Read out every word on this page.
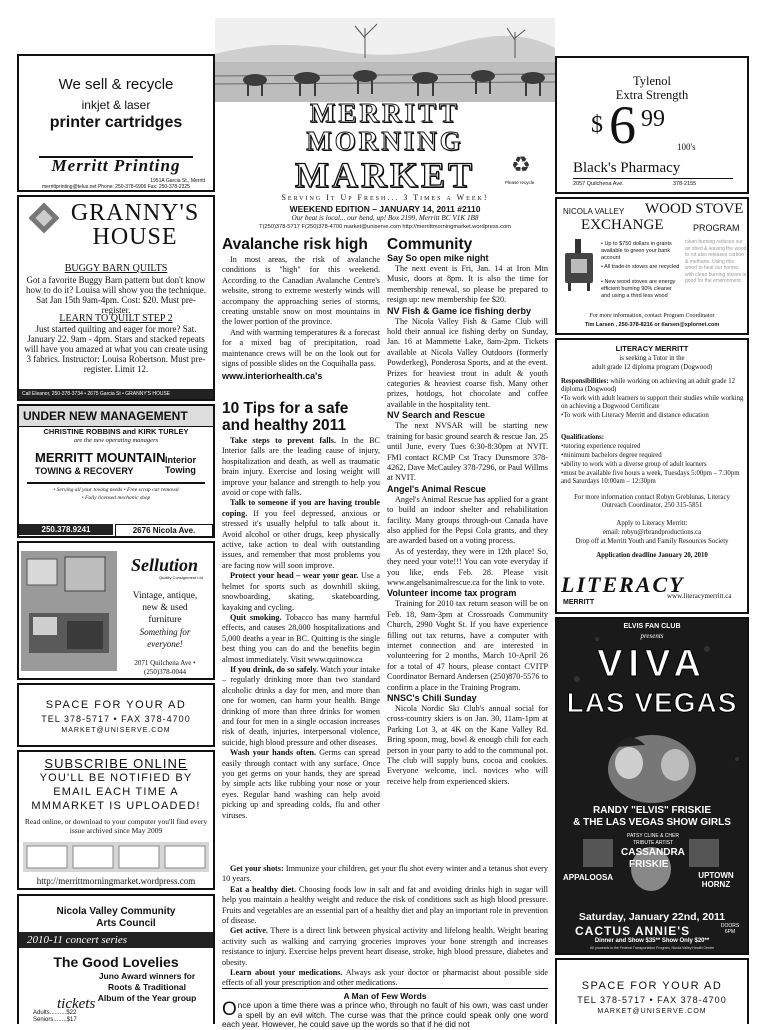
We sell & recycle
inkjet & laser
printer cartridges
Merritt Printing
1951A Garcia St., Merritt
merrittprinting@telus.net Phone: 250-378-6906 Fax: 250-378-2325
GRANNY'S HOUSE
BUGGY BARN QUILTS
Got a favorite Buggy Barn pattern but don't know how to do it? Louisa will show you the technique. Sat Jan 15th 9am-4pm. Cost: $20. Must pre-register.
LEARN TO QUILT STEP 2
Just started quilting and eager for more? Sat. January 22. 9am - 4pm. Stars and stacked repeats will have you amazed at what you can create using 3 fabrics. Instructor: Louisa Robertson. Must pre-register. Limit 12.
Call Eleanor, 250-378-3734 • 2675 Garcia St • GRANNY'S HOUSE
UNDER NEW MANAGEMENT
CHRISTINE ROBBINS and KIRK TURLEY
are the new operating managers
MERRITT MOUNTAIN Interior
TOWING & RECOVERY	Towing
• Serving all your towing needs • Free scrap car removal
• Fully licensed mechanic shop
250.378.9241	2676 Nicola Ave.
Sellution
Quality Consignment Ltd.
Vintage, antique,
new & used
furniture
Something for
everyone!
2071 Quilchena Ave •
(250)378-0044
SPACE FOR YOUR AD
TEL 378-5717 • FAX 378-4700
MARKET@UNISERVE.COM
SUBSCRIBE ONLINE
YOU'LL BE NOTIFIED BY
EMAIL EACH TIME A
MMMARKET IS UPLOADED!
Read online, or download to your computer you'll find every issue archived since May 2009
http://merrittmorningmarket.wordpress.com
Nicola Valley Community
Arts Council
2010-11 concert series
The Good Lovelies
Juno Award winners for
Roots & Traditional
Album of the Year group
tickets
Adults..........$22
Seniors........$17
MERRITT
MORNING
MARKET	♻
Please recycle
Serving It Up Fresh... 3 Times a Week!
WEEKEND EDITION – JANUARY 14, 2011 #2110
Our beat is local... our bend, up! Box 2199, Merritt BC V1K 1B8
T(250)378-5717 F(250)378-4700 market@uniserve.com http://merrittmorningmarket.wordpress.com
Avalanche risk high

In most areas, the risk of avalanche conditions is "high" for this weekend. According to the Canadian Avalanche Centre's website, strong to extreme westerly winds will accompany the approaching series of storms, creating unstable snow on most mountains in the lower portion of the province.

And with warming temperatures & a forecast for a mixed bag of precipitation, road maintenance crews will be on the look out for signs of possible slides on the Coquihalla pass.

www.interiorhealth.ca's
10 Tips for a safe and healthy 2011

Take steps to prevent falls. In the BC Interior falls are the leading cause of injury, hospitalization and death, as well as traumatic brain injury. Exercise and losing weight will improve your balance and strength to help you avoid or cope with falls.

Talk to someone if you are having trouble coping. If you feel depressed, anxious or stressed it's usually helpful to talk about it. Avoid alcohol or other drugs, keep physically active, take action to deal with outstanding issues, and remember that most problems you are facing now will soon improve.

Protect your head – wear your gear. Use a helmet for sports such as downhill skiing, snowboarding, skating, skateboarding, kayaking and cycling.

Quit smoking. Tobacco has many harmful effects, and causes 28,000 hospitalizations and 5,000 deaths a year in BC. Quitting is the single best thing you can do and the benefits begin almost immediately. Visit www.quitnow.ca

If you drink, do so safely. Watch your intake – regularly drinking more than two standard alcoholic drinks a day for men, and more than one for women, can harm your health. Binge drinking of more than three drinks for women and four for men in a single occasion increases risk of death, injuries, interpersonal violence, suicide, high blood pressure and other diseases.

Wash your hands often. Germs can spread easily through contact with any surface. Once you get germs on your hands, they are spread by simple acts like rubbing your nose or your eyes. Regular hand washing can help avoid picking up and spreading colds, flu and other viruses.

Get your shots: Immunize your children, get your flu shot every winter and a tetanus shot every 10 years.

Eat a healthy diet. Choosing foods low in salt and fat and avoiding drinks high in sugar will help you maintain a healthy weight and reduce the risk of conditions such as high blood pressure. Fruits and vegetables are an essential part of a healthy diet and play an important role in prevention of disease.

Get active. There is a direct link between physical activity and lifelong health. Weight bearing activity such as walking and carrying groceries improves your bone strength and increases resistance to injury. Exercise helps prevent heart disease, stroke, high blood pressure, diabetes and obesity.

Learn about your medications. Always ask your doctor or pharmacist about possible side effects of all your prescription and other medications.

Community
Say So open mike night

The next event is Fri, Jan. 14 at Iron Mtn Music, doors at 8pm. It is also the time for membership renewal, so please be prepared to resign up: new membership fee $20.

NV Fish & Game ice fishing derby

The Nicola Valley Fish & Game Club will hold their annual ice fishing derby on Sunday, Jan. 16 at Mammette Lake, 8am-2pm. Tickets available at Nicola Valley Outdoors (formerly Powderkeg), Ponderosa Sports, and at the event. Prizes for heaviest trout in adult & youth categories & heaviest coarse fish. Many other prizes, hotdogs, hot chocolate and coffee available in the hospitality tent.

NV Search and Rescue

The next NVSAR will be starting new training for basic ground search & rescue Jan. 25 until June, every Tues 6:30-8:30pm at NVIT. FMI contact RCMP Cst Tracy Dunsmore 378-4262, Dave McCauley 378-7296, or Paul Willms at NVIT.

Angel's Animal Rescue

Angel's Animal Rescue has applied for a grant to build an indoor shelter and rehabilitation facility. Many groups through-out Canada have also applied for the Pepsi Cola grants, and they are awarded based on a voting process.

As of yesterday, they were in 12th place! So, they need your vote!!! You can vote everyday if you like, ends Feb. 28. Please visit www.angelsanimalrescue.ca for the link to vote.

Volunteer income tax program

Training for 2010 tax return season will be on Feb. 18, 9am-3pm at Crossroads Community Church, 2990 Voght St. If you have experience filling out tax returns, have a computer with internet connection and are interested in volunteering for 2 months, March 10-April 26 for a total of 47 hours, please contact CVITP Coordinator Bernard Andersen (250)870-5576 to confirm a place in the Training Program.

NNSC's Chili Sunday

Nicola Nordic Ski Club's annual social for cross-country skiers is on Jan. 30, 11am-1pm at Parking Lot 3, at 4K on the Kane Valley Rd. Bring spoon, mug, bowl & enough chili for each person in your party to add to the communal pot. The club will supply buns, cocoa and cookies. Everyone welcome, incl. novices who will receive help from experienced skiers.

A Man of Few Words

Once upon a time there was a prince who, through no fault of his own, was cast under a spell by an evil witch. The curse was that the prince could speak only one word each year. However, he could save up the words so that if he did not

Tylenol
Extra Strength
$ 6 99
100's
Black's Pharmacy
2057 Quilchena Ave.	378-2155
NICOLA VALLEY WOOD STOVE
EXCHANGE	PROGRAM
• Up to $750 dollars in grants available to green your bank account
• All trade-in stoves are recycled
• New wood stoves are energy efficient burning 90% cleaner and using a third less wood
clean burning reduces our air shed & leaving the wood to rot also releases carbon & methane. Using this wood to heat our homes with clean burning stoves is good for the environment.
For more information, contact Program Coordinator
Tim Larsen , 250-378-8216 or tlarsen@xplornet.com
LITERACY MERRITT
is seeking a Tutor in the
adult grade 12 diploma program (Dogwood)
Responsibilities: while working on achieving an adult grade 12 diploma (Dogwood)
•To work with adult learners to support their studies while working on achieving a Dogwood Certificate
•To work with Literacy Merritt and distance education
Qualifications:
•tutoring experience required
•minimum bachelors degree required
•ability to work with a diverse group of adult learners
•must be available five hours a week, Tuesdays 5:00pm – 7:30pm and Saturdays 10:00am – 12:30pm
For more information contact Robyn Greblunas, Literacy Outreach Coordinator, 250 315-5851
Apply to Literacy Merritt:
email: robyn@rbrandproductions.ca
Drop off at Merritt Youth and Family Resources Society
Application deadline January 20, 2010
LITERACY
MERRITT
www.literacymerritt.ca
ELVIS FAN CLUB
presents
VIVA
LAS VEGAS
RANDY "ELVIS" FRISKIE
& THE LAS VEGAS SHOW GIRLS
PATSY CLINE & CHER
TRIBUTE ARTIST
CASSANDRA
FRISKIE
APPALOOSA	UPTOWN HORNZ
Saturday, January 22nd, 2011
CACTUS ANNIE'S	DOORS 6PM
Dinner and Show $35** Show Only $20**
All proceeds to the Federal Transportation Program, Nicola Valley Health Centre
SPACE FOR YOUR AD
TEL 378-5717 • FAX 378-4700
MARKET@UNISERVE.COM
